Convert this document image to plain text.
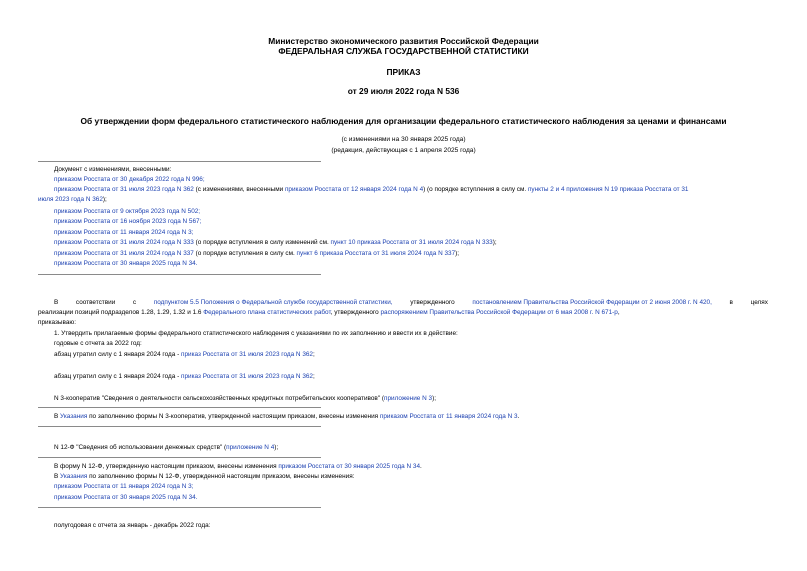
Министерство экономического развития Российской Федерации
ФЕДЕРАЛЬНАЯ СЛУЖБА ГОСУДАРСТВЕННОЙ СТАТИСТИКИ
ПРИКАЗ
от 29 июля 2022 года N 536
Об утверждении форм федерального статистического наблюдения для организации федерального статистического наблюдения за ценами и финансами
(с изменениями на 30 января 2025 года)
(редакция, действующая с 1 апреля 2025 года)
Документ с изменениями, внесенными:
приказом Росстата от 30 декабря 2022 года N 996;
приказом Росстата от 31 июля 2023 года N 362 (с изменениями, внесенными приказом Росстата от 12 января 2024 года N 4) (о порядке вступления в силу см. пункты 2 и 4 приложения N 19 приказа Росстата от 31
июля 2023 года N 362);
приказом Росстата от 9 октября 2023 года N 502;
приказом Росстата от 16 ноября 2023 года N 567;
приказом Росстата от 11 января 2024 года N 3;
приказом Росстата от 31 июля 2024 года N 333 (о порядке вступления в силу изменений см. пункт 10 приказа Росстата от 31 июля 2024 года N 333);
приказом Росстата от 31 июля 2024 года N 337 (о порядке вступления в силу см. пункт 6 приказа Росстата от 31 июля 2024 года N 337);
приказом Росстата от 30 января 2025 года N 34.
В	соответствии	с	подпунктом 5.5 Положения о Федеральной службе государственной статистики,	утвержденного	постановлением Правительства Российской Федерации от 2 июня 2008 г. N 420,	в	целях
реализации позиций подразделов 1.28, 1.29, 1.32 и 1.6 Федерального плана статистических работ, утвержденного распоряжением Правительства Российской Федерации от 6 мая 2008 г. N 671-р,
приказываю:
1. Утвердить прилагаемые формы федерального статистического наблюдения с указаниями по их заполнению и ввести их в действие:
годовые с отчета за 2022 год:
абзац утратил силу с 1 января 2024 года - приказ Росстата от 31 июля 2023 года N 362;
абзац утратил силу с 1 января 2024 года - приказ Росстата от 31 июля 2023 года N 362;
N 3-кооператив "Сведения о деятельности сельскохозяйственных кредитных потребительских кооперативов" (приложение N 3);
В Указания по заполнению формы N 3-кооператив, утвержденной настоящим приказом, внесены изменения приказом Росстата от 11 января 2024 года N 3.
N 12-Ф "Сведения об использовании денежных средств" (приложение N 4);
В форму N 12-Ф, утвержденную настоящим приказом, внесены изменения приказом Росстата от 30 января 2025 года N 34.
В Указания по заполнению формы N 12-Ф, утвержденной настоящим приказом, внесены изменения:
приказом Росстата от 11 января 2024 года N 3;
приказом Росстата от 30 января 2025 года N 34.
полугодовая с отчета за январь - декабрь 2022 года:
